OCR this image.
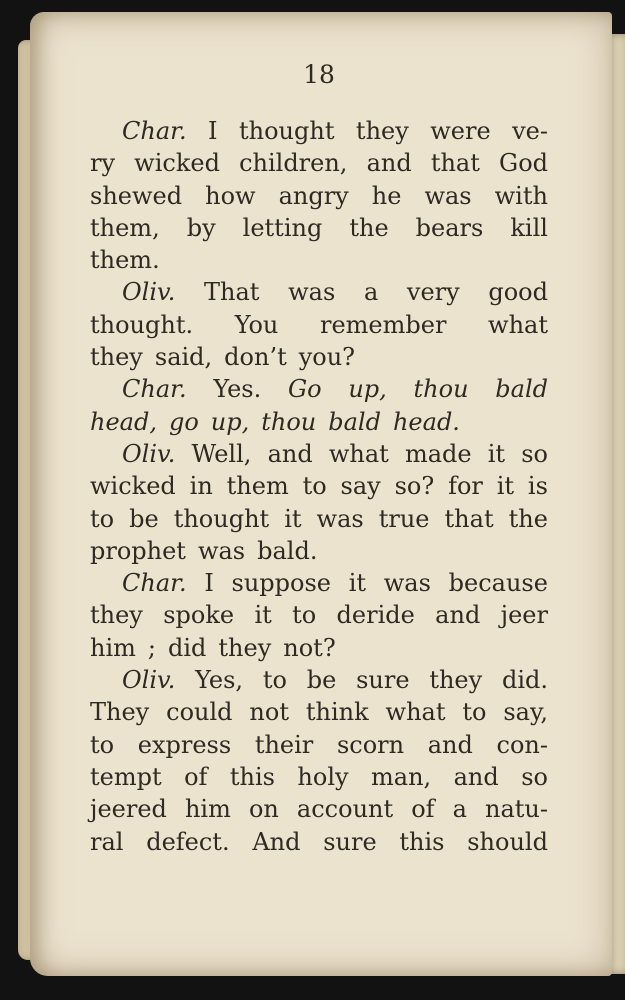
18
Char. I thought they were ve-
ry wicked children, and that God
shewed how angry he was with
them, by letting the bears kill
them.
Oliv. That was a very good
thought. You remember what
they said, don’t you?
Char. Yes. Go up, thou bald
head, go up, thou bald head.
Oliv. Well, and what made it so
wicked in them to say so? for it is
to be thought it was true that the
prophet was bald.
Char. I suppose it was because
they spoke it to deride and jeer
him ; did they not?
Oliv. Yes, to be sure they did.
They could not think what to say,
to express their scorn and con-
tempt of this holy man, and so
jeered him on account of a natu-
ral defect. And sure this should
